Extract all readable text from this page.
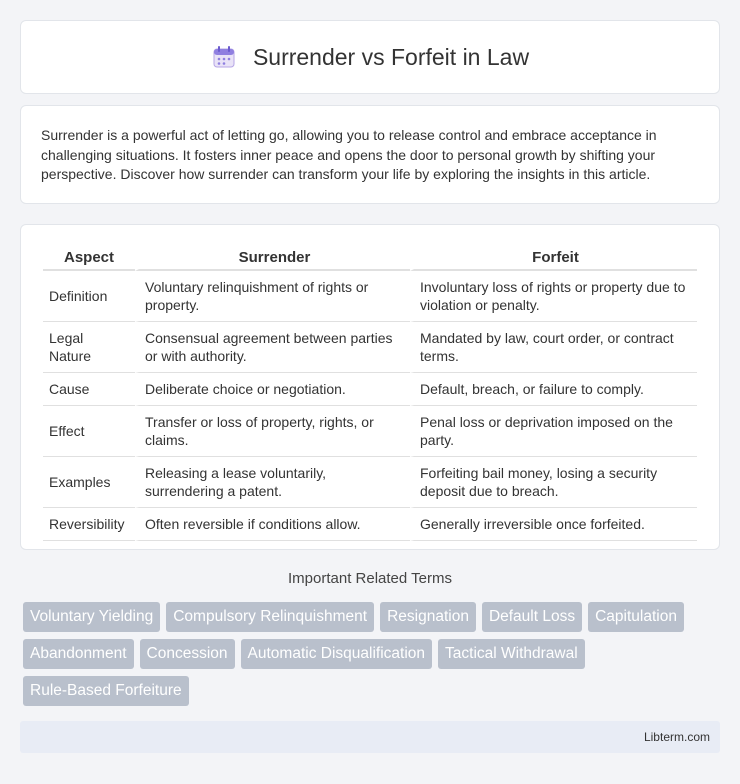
Surrender vs Forfeit in Law

Surrender is a powerful act of letting go, allowing you to release control and embrace acceptance in challenging situations. It fosters inner peace and opens the door to personal growth by shifting your perspective. Discover how surrender can transform your life by exploring the insights in this article.

Aspect	Surrender	Forfeit
Definition	Voluntary relinquishment of rights or property.	Involuntary loss of rights or property due to violation or penalty.
Legal Nature	Consensual agreement between parties or with authority.	Mandated by law, court order, or contract terms.
Cause	Deliberate choice or negotiation.	Default, breach, or failure to comply.
Effect	Transfer or loss of property, rights, or claims.	Penal loss or deprivation imposed on the party.
Examples	Releasing a lease voluntarily, surrendering a patent.	Forfeiting bail money, losing a security deposit due to breach.
Reversibility	Often reversible if conditions allow.	Generally irreversible once forfeited.
Important Related Terms
Voluntary Yielding	Compulsory Relinquishment	Resignation	Default Loss	Capitulation
Abandonment	Concession	Automatic Disqualification	Tactical Withdrawal
Rule-Based Forfeiture
Libterm.com
